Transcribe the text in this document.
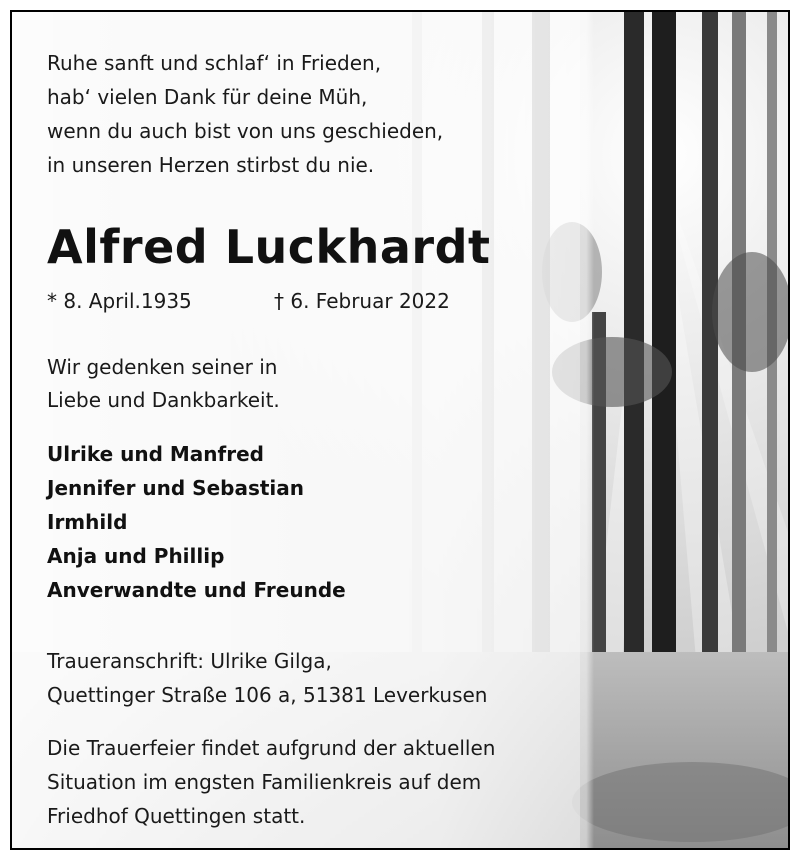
Ruhe sanft und schlaf‘ in Frieden,
hab‘ vielen Dank für deine Müh,
wenn du auch bist von uns geschieden,
in unseren Herzen stirbst du nie.
Alfred Luckhardt
* 8. April.1935	† 6. Februar 2022
Wir gedenken seiner in
Liebe und Dankbarkeit.
Ulrike und Manfred
Jennifer und Sebastian
Irmhild
Anja und Phillip
Anverwandte und Freunde
Traueranschrift: Ulrike Gilga,
Quettinger Straße 106 a, 51381 Leverkusen
Die Trauerfeier findet aufgrund der aktuellen
Situation im engsten Familienkreis auf dem
Friedhof Quettingen statt.
